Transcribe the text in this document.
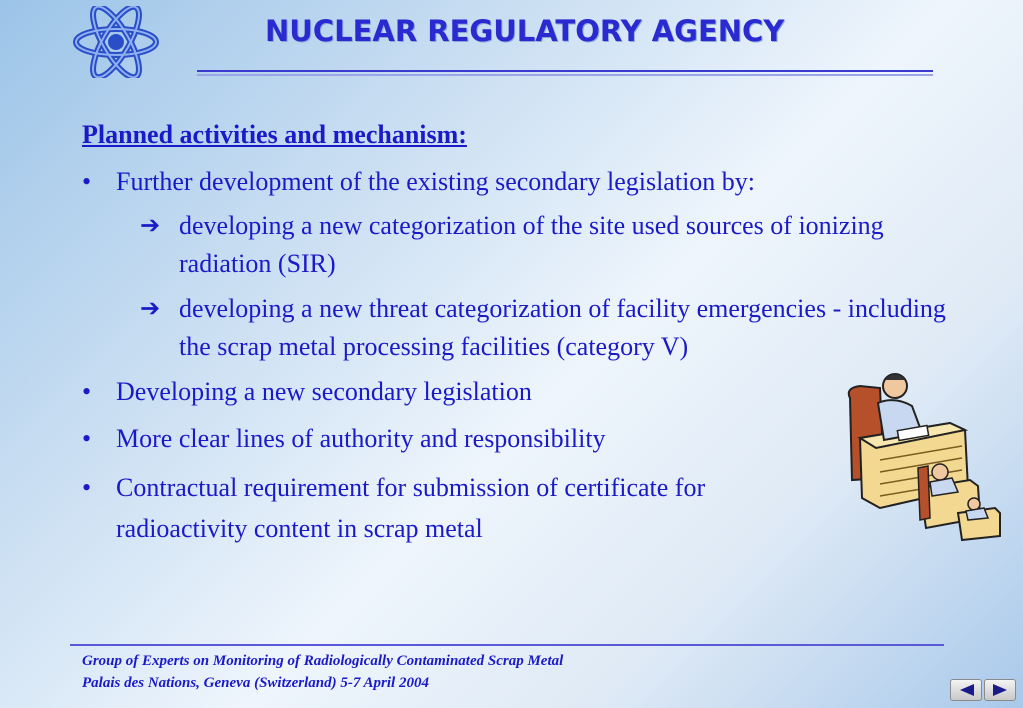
NUCLEAR REGULATORY AGENCY
Planned activities and mechanism:
• Further development of the existing secondary legislation by:
➔ developing a new categorization of the site used sources of ionizing radiation (SIR)
➔ developing a new threat categorization of facility emergencies - including the scrap metal processing facilities (category V)
• Developing a new secondary legislation
• More clear lines of authority and responsibility
• Contractual requirement for submission of certificate for
radioactivity content in scrap metal
Group of Experts on Monitoring of Radiologically Contaminated Scrap Metal
Palais des Nations, Geneva (Switzerland) 5-7 April 2004
